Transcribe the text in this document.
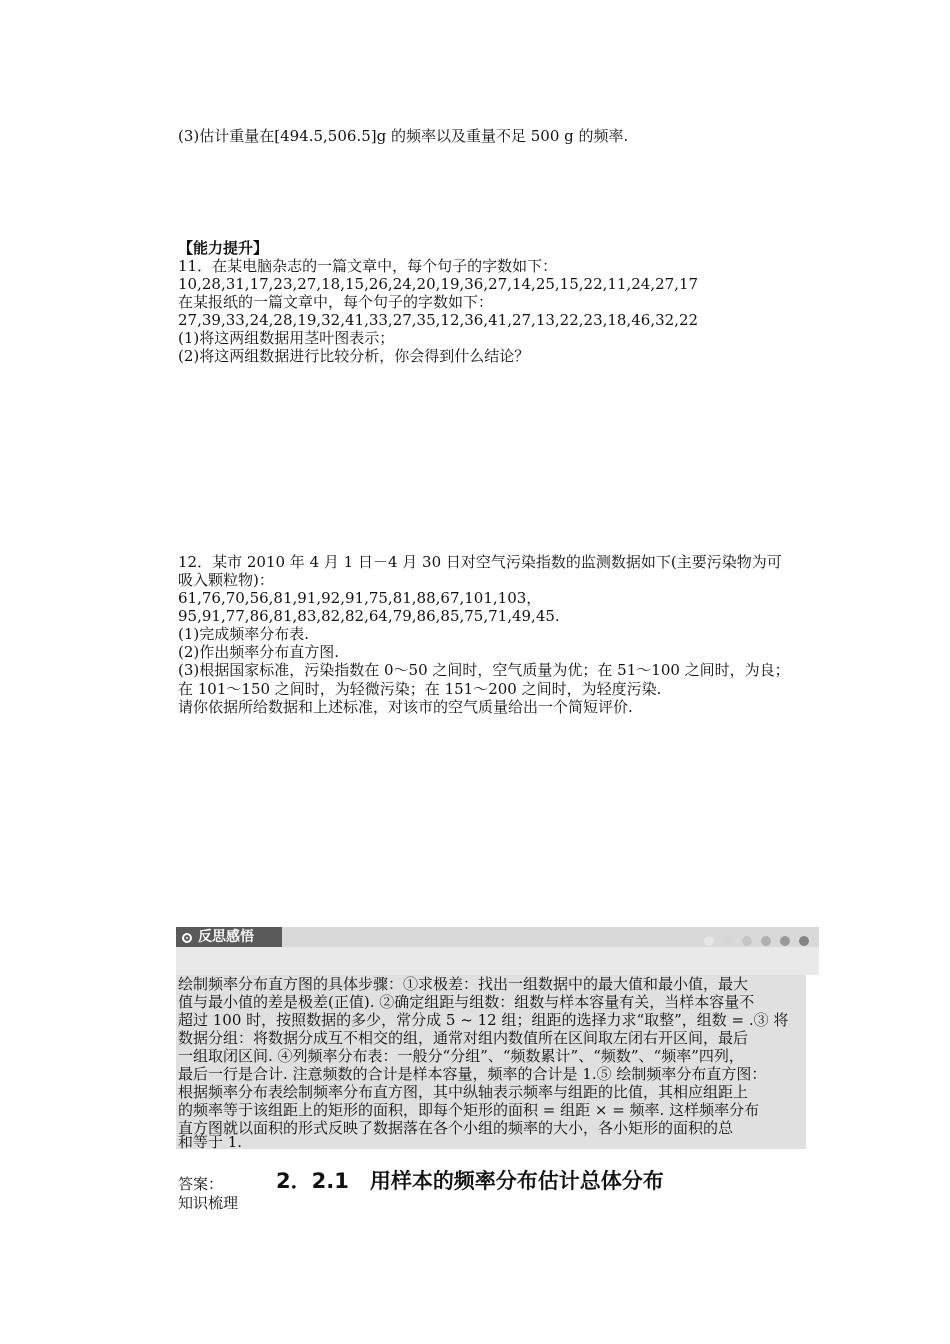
(3)估计重量在[494.5,506.5]g 的频率以及重量不足 500 g 的频率.
【能力提升】
11．在某电脑杂志的一篇文章中，每个句子的字数如下：
10,28,31,17,23,27,18,15,26,24,20,19,36,27,14,25,15,22,11,24,27,17
在某报纸的一篇文章中，每个句子的字数如下：
27,39,33,24,28,19,32,41,33,27,35,12,36,41,27,13,22,23,18,46,32,22
(1)将这两组数据用茎叶图表示；
(2)将这两组数据进行比较分析，你会得到什么结论？
12．某市 2010 年 4 月 1 日－4 月 30 日对空气污染指数的监测数据如下(主要污染物为可
吸入颗粒物)：
61,76,70,56,81,91,92,91,75,81,88,67,101,103，
95,91,77,86,81,83,82,82,64,79,86,85,75,71,49,45.
(1)完成频率分布表.
(2)作出频率分布直方图.
(3)根据国家标准，污染指数在 0～50 之间时，空气质量为优；在 51～100 之间时，为良；
在 101～150 之间时，为轻微污染；在 151～200 之间时，为轻度污染.
请你依据所给数据和上述标准，对该市的空气质量给出一个简短评价.
反思感悟
绘制频率分布直方图的具体步骤：①求极差：找出一组数据中的最大值和最小值，最大
值与最小值的差是极差(正值). ②确定组距与组数：组数与样本容量有关，当样本容量不
超过 100 时，按照数据的多少，常分成 5 ~ 12 组；组距的选择力求“取整”，组数 = .③ 将
数据分组：将数据分成互不相交的组，通常对组内数值所在区间取左闭右开区间，最后
一组取闭区间. ④列频率分布表：一般分“分组”、“频数累计”、“频数”、“频率”四列，
最后一行是合计. 注意频数的合计是样本容量，频率的合计是 1.⑤ 绘制频率分布直方图：
根据频率分布表绘制频率分布直方图，其中纵轴表示频率与组距的比值，其相应组距上
的频率等于该组距上的矩形的面积，即每个矩形的面积 = 组距 × = 频率. 这样频率分布
直方图就以面积的形式反映了数据落在各个小组的频率的大小，各小矩形的面积的总
和等于 1.
答案：	2．2.1　用样本的频率分布估计总体分布
知识梳理
